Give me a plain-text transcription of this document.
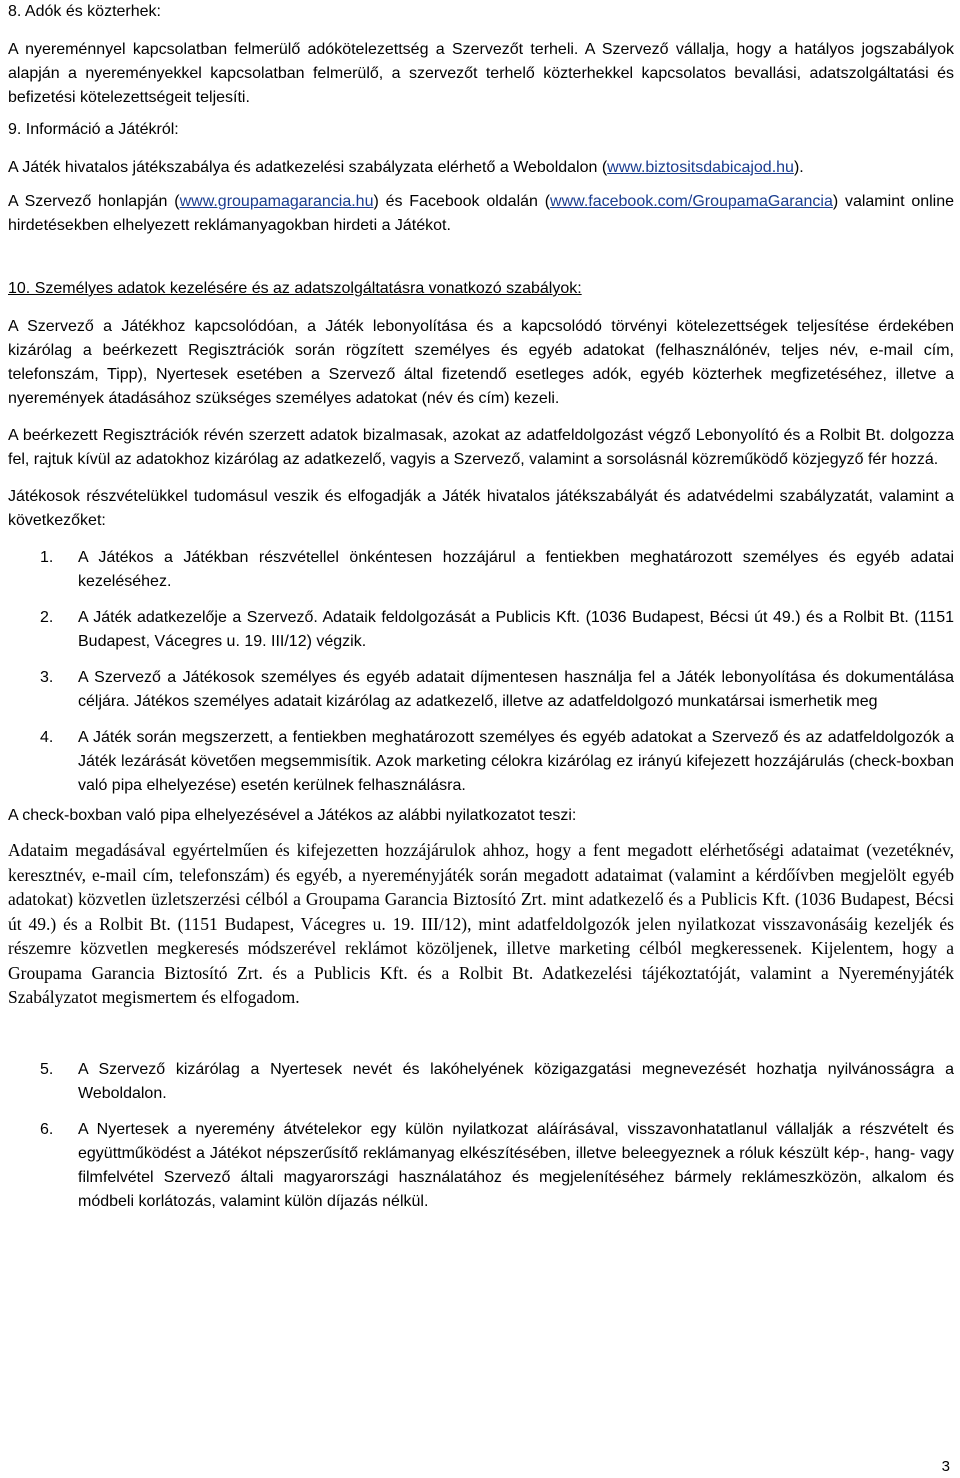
8. Adók és közterhek:

A nyereménnyel kapcsolatban felmerülő adókötelezettség a Szervezőt terheli. A Szervező vállalja, hogy a hatályos jogszabályok alapján a nyereményekkel kapcsolatban felmerülő, a szervezőt terhelő közterhekkel kapcsolatos bevallási, adatszolgáltatási és befizetési kötelezettségeit teljesíti.

9. Információ a Játékról:

A Játék hivatalos játékszabálya és adatkezelési szabályzata elérhető a Weboldalon (www.biztositsdabicajod.hu).

A Szervező honlapján (www.groupamagarancia.hu) és Facebook oldalán (www.facebook.com/GroupamaGarancia) valamint online hirdetésekben elhelyezett reklámanyagokban hirdeti a Játékot.

10. Személyes adatok kezelésére és az adatszolgáltatásra vonatkozó szabályok:

A Szervező a Játékhoz kapcsolódóan, a Játék lebonyolítása és a kapcsolódó törvényi kötelezettségek teljesítése érdekében kizárólag a beérkezett Regisztrációk során rögzített személyes és egyéb adatokat (felhasználónév, teljes név, e-mail cím, telefonszám, Tipp), Nyertesek esetében a Szervező által fizetendő esetleges adók, egyéb közterhek megfizetéséhez, illetve a nyeremények átadásához szükséges személyes adatokat (név és cím) kezeli.

A beérkezett Regisztrációk révén szerzett adatok bizalmasak, azokat az adatfeldolgozást végző Lebonyolító és a Rolbit Bt. dolgozza fel, rajtuk kívül az adatokhoz kizárólag az adatkezelő, vagyis a Szervező, valamint a sorsolásnál közreműködő közjegyző fér hozzá.

Játékosok részvételükkel tudomásul veszik és elfogadják a Játék hivatalos játékszabályát és adatvédelmi szabályzatát, valamint a következőket:

1. A Játékos a Játékban részvétellel önkéntesen hozzájárul a fentiekben meghatározott személyes és egyéb adatai kezeléséhez.
2. A Játék adatkezelője a Szervező. Adataik feldolgozását a Publicis Kft. (1036 Budapest, Bécsi út 49.) és a Rolbit Bt. (1151 Budapest, Vácegres u. 19. III/12) végzik.
3. A Szervező a Játékosok személyes és egyéb adatait díjmentesen használja fel a Játék lebonyolítása és dokumentálása céljára. Játékos személyes adatait kizárólag az adatkezelő, illetve az adatfeldolgozó munkatársai ismerhetik meg
4. A Játék során megszerzett, a fentiekben meghatározott személyes és egyéb adatokat a Szervező és az adatfeldolgozók a Játék lezárását követően megsemmisítik. Azok marketing célokra kizárólag ez irányú kifejezett hozzájárulás (check-boxban való pipa elhelyezése) esetén kerülnek felhasználásra.

A check-boxban való pipa elhelyezésével a Játékos az alábbi nyilatkozatot teszi:

Adataim megadásával egyértelműen és kifejezetten hozzájárulok ahhoz, hogy a fent megadott elérhetőségi adataimat (vezetéknév, keresztnév, e-mail cím, telefonszám) és egyéb, a nyereményjáték során megadott adataimat (valamint a kérdőívben megjelölt egyéb adatokat) közvetlen üzletszerzési célból a Groupama Garancia Biztosító Zrt. mint adatkezelő és a Publicis Kft. (1036 Budapest, Bécsi út 49.) és a Rolbit Bt. (1151 Budapest, Vácegres u. 19. III/12), mint adatfeldolgozók jelen nyilatkozat visszavonásáig kezeljék és részemre közvetlen megkeresés módszerével reklámot közöljenek, illetve marketing célból megkeressenek. Kijelentem, hogy a Groupama Garancia Biztosító Zrt. és a Publicis Kft. és a Rolbit Bt. Adatkezelési tájékoztatóját, valamint a Nyereményjáték Szabályzatot megismertem és elfogadom.

5. A Szervező kizárólag a Nyertesek nevét és lakóhelyének közigazgatási megnevezését hozhatja nyilvánosságra a Weboldalon.
6. A Nyertesek a nyeremény átvételekor egy külön nyilatkozat aláírásával, visszavonhatatlanul vállalják a részvételt és együttműködést a Játékot népszerűsítő reklámanyag elkészítésében, illetve beleegyeznek a róluk készült kép-, hang- vagy filmfelvétel Szervező általi magyarországi használatához és megjelenítéséhez bármely reklámeszközön, alkalom és módbeli korlátozás, valamint külön díjazás nélkül.
3
